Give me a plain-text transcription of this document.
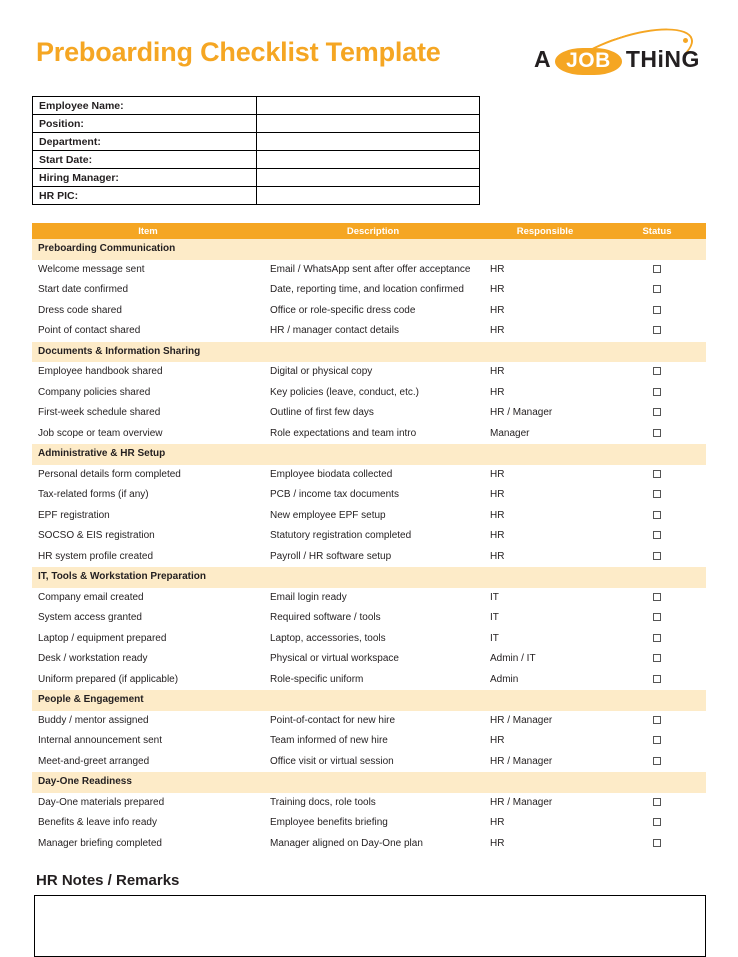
Preboarding Checklist Template	A JOB THiNG
Employee Name:	
Position:	
Department:	
Start Date:	
Hiring Manager:	
HR PIC:	
Item	Description	Responsible	Status
Preboarding Communication			
Welcome message sent	Email / WhatsApp sent after offer acceptance	HR	
Start date confirmed	Date, reporting time, and location confirmed	HR	
Dress code shared	Office or role-specific dress code	HR	
Point of contact shared	HR / manager contact details	HR	
Documents & Information Sharing			
Employee handbook shared	Digital or physical copy	HR	
Company policies shared	Key policies (leave, conduct, etc.)	HR	
First-week schedule shared	Outline of first few days	HR / Manager	
Job scope or team overview	Role expectations and team intro	Manager	
Administrative & HR Setup			
Personal details form completed	Employee biodata collected	HR	
Tax-related forms (if any)	PCB / income tax documents	HR	
EPF registration	New employee EPF setup	HR	
SOCSO & EIS registration	Statutory registration completed	HR	
HR system profile created	Payroll / HR software setup	HR	
IT, Tools & Workstation Preparation			
Company email created	Email login ready	IT	
System access granted	Required software / tools	IT	
Laptop / equipment prepared	Laptop, accessories, tools	IT	
Desk / workstation ready	Physical or virtual workspace	Admin / IT	
Uniform prepared (if applicable)	Role-specific uniform	Admin	
People & Engagement			
Buddy / mentor assigned	Point-of-contact for new hire	HR / Manager	
Internal announcement sent	Team informed of new hire	HR	
Meet-and-greet arranged	Office visit or virtual session	HR / Manager	
Day-One Readiness			
Day-One materials prepared	Training docs, role tools	HR / Manager	
Benefits & leave info ready	Employee benefits briefing	HR	
Manager briefing completed	Manager aligned on Day-One plan	HR	
HR Notes / Remarks
